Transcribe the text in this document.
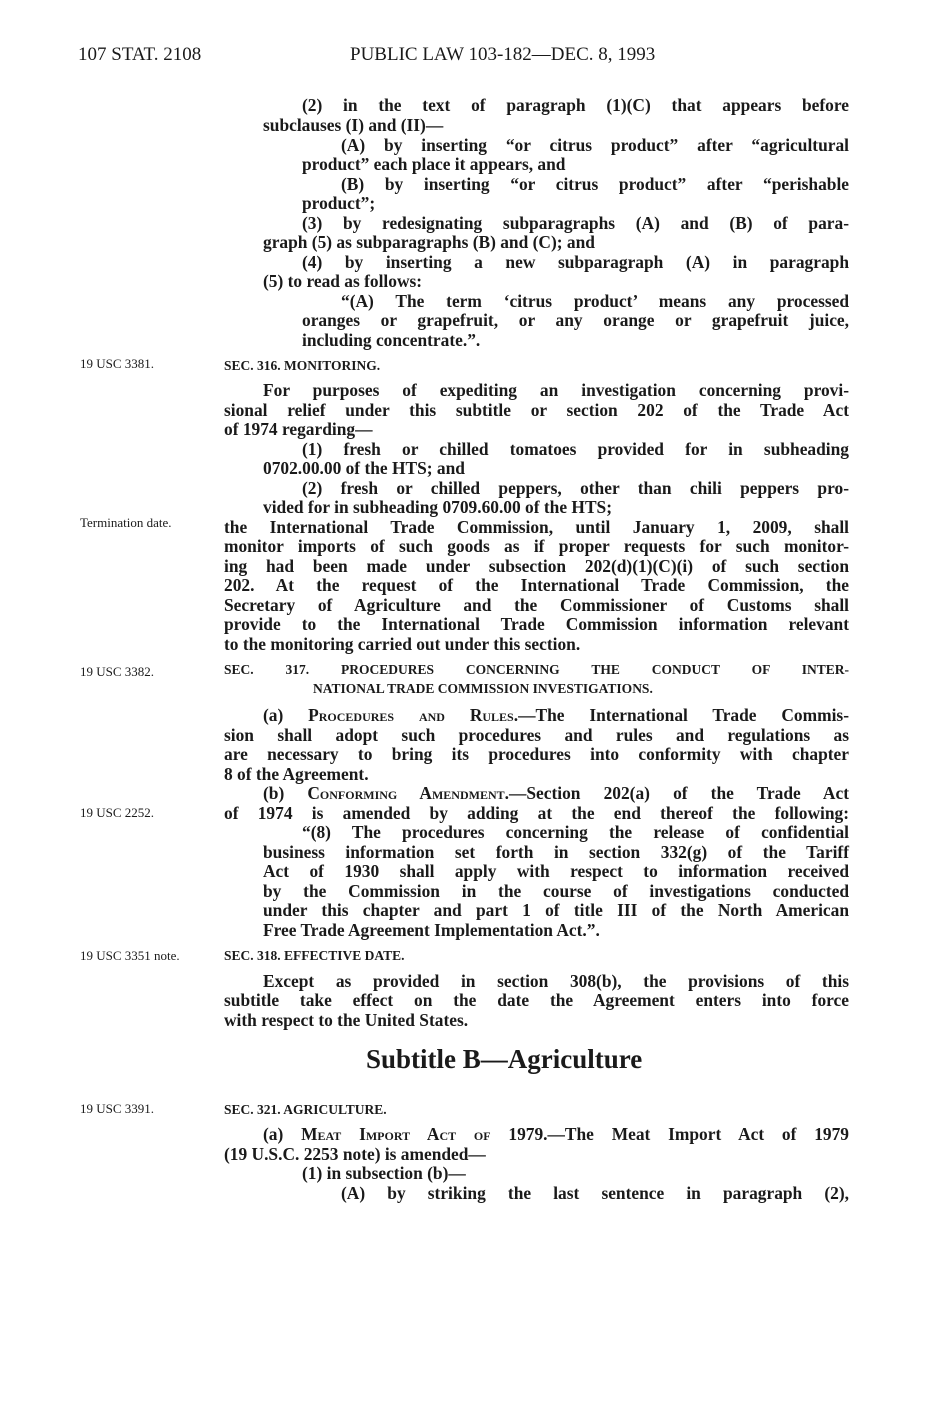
107 STAT. 2108	PUBLIC LAW 103-182—DEC. 8, 1993
19 USC 3381.
Termination date.
19 USC 3382.
19 USC 2252.
19 USC 3351 note.
19 USC 3391.
(2) in the text of paragraph (1)(C) that appears before
subclauses (I) and (II)—
(A) by inserting “or citrus product” after “agricultural
product” each place it appears, and
(B) by inserting “or citrus product” after “perishable
product”;
(3) by redesignating subparagraphs (A) and (B) of para-
graph (5) as subparagraphs (B) and (C); and
(4) by inserting a new subparagraph (A) in paragraph
(5) to read as follows:
“(A) The term ‘citrus product’ means any processed
oranges or grapefruit, or any orange or grapefruit juice,
including concentrate.”.
SEC. 316. MONITORING.
For purposes of expediting an investigation concerning provi-
sional relief under this subtitle or section 202 of the Trade Act
of 1974 regarding—
(1) fresh or chilled tomatoes provided for in subheading
0702.00.00 of the HTS; and
(2) fresh or chilled peppers, other than chili peppers pro-
vided for in subheading 0709.60.00 of the HTS;
the International Trade Commission, until January 1, 2009, shall
monitor imports of such goods as if proper requests for such monitor-
ing had been made under subsection 202(d)(1)(C)(i) of such section
202. At the request of the International Trade Commission, the
Secretary of Agriculture and the Commissioner of Customs shall
provide to the International Trade Commission information relevant
to the monitoring carried out under this section.
SEC. 317. PROCEDURES CONCERNING THE CONDUCT OF INTER-
NATIONAL TRADE COMMISSION INVESTIGATIONS.
(a) Procedures and Rules.—The International Trade Commis-
sion shall adopt such procedures and rules and regulations as
are necessary to bring its procedures into conformity with chapter
8 of the Agreement.
(b) Conforming Amendment.—Section 202(a) of the Trade Act
of 1974 is amended by adding at the end thereof the following:
“(8) The procedures concerning the release of confidential
business information set forth in section 332(g) of the Tariff
Act of 1930 shall apply with respect to information received
by the Commission in the course of investigations conducted
under this chapter and part 1 of title III of the North American
Free Trade Agreement Implementation Act.”.
SEC. 318. EFFECTIVE DATE.
Except as provided in section 308(b), the provisions of this
subtitle take effect on the date the Agreement enters into force
with respect to the United States.
Subtitle B—Agriculture
SEC. 321. AGRICULTURE.
(a) Meat Import Act of 1979.—The Meat Import Act of 1979
(19 U.S.C. 2253 note) is amended—
(1) in subsection (b)—
(A) by striking the last sentence in paragraph (2),
